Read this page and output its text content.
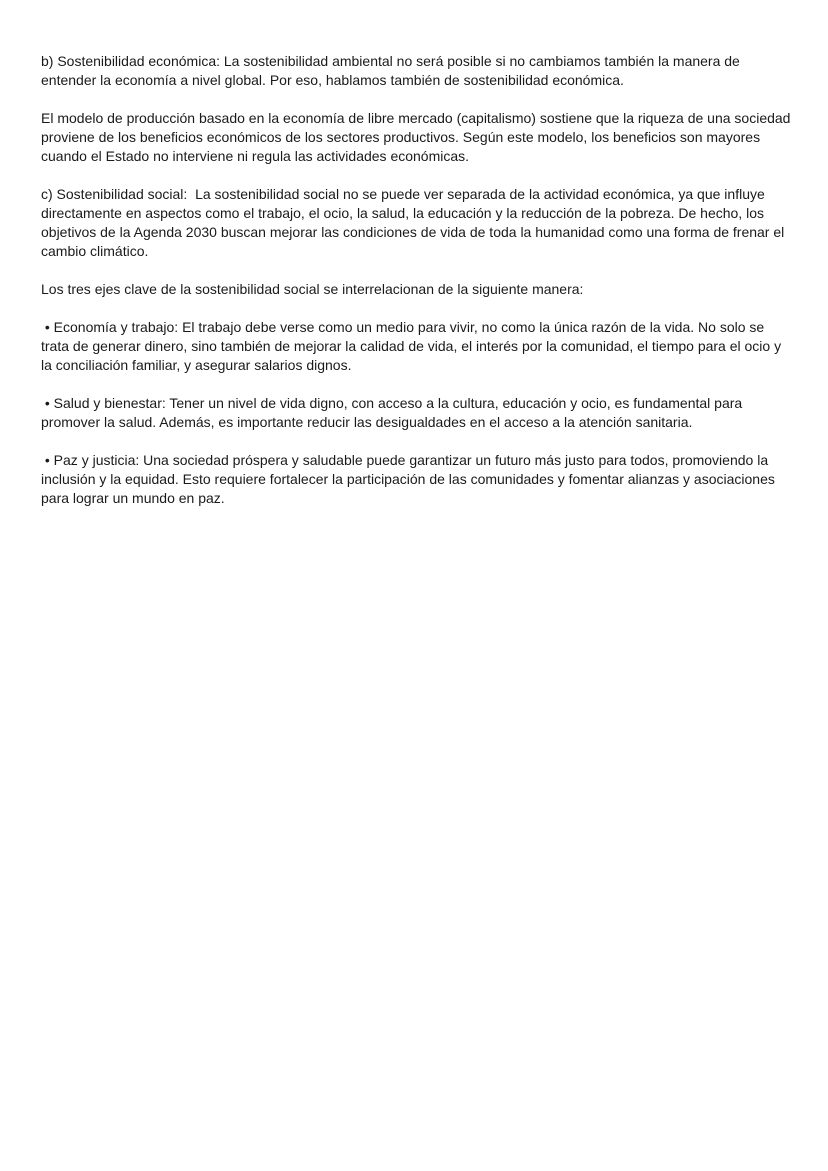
b) Sostenibilidad económica: La sostenibilidad ambiental no será posible si no cambiamos también la manera de entender la economía a nivel global. Por eso, hablamos también de sostenibilidad económica.

El modelo de producción basado en la economía de libre mercado (capitalismo) sostiene que la riqueza de una sociedad proviene de los beneficios económicos de los sectores productivos. Según este modelo, los beneficios son mayores cuando el Estado no interviene ni regula las actividades económicas.

c) Sostenibilidad social:  La sostenibilidad social no se puede ver separada de la actividad económica, ya que influye directamente en aspectos como el trabajo, el ocio, la salud, la educación y la reducción de la pobreza. De hecho, los objetivos de la Agenda 2030 buscan mejorar las condiciones de vida de toda la humanidad como una forma de frenar el cambio climático.

Los tres ejes clave de la sostenibilidad social se interrelacionan de la siguiente manera:

• Economía y trabajo: El trabajo debe verse como un medio para vivir, no como la única razón de la vida. No solo se trata de generar dinero, sino también de mejorar la calidad de vida, el interés por la comunidad, el tiempo para el ocio y la conciliación familiar, y asegurar salarios dignos.

• Salud y bienestar: Tener un nivel de vida digno, con acceso a la cultura, educación y ocio, es fundamental para promover la salud. Además, es importante reducir las desigualdades en el acceso a la atención sanitaria.

• Paz y justicia: Una sociedad próspera y saludable puede garantizar un futuro más justo para todos, promoviendo la inclusión y la equidad. Esto requiere fortalecer la participación de las comunidades y fomentar alianzas y asociaciones para lograr un mundo en paz.
